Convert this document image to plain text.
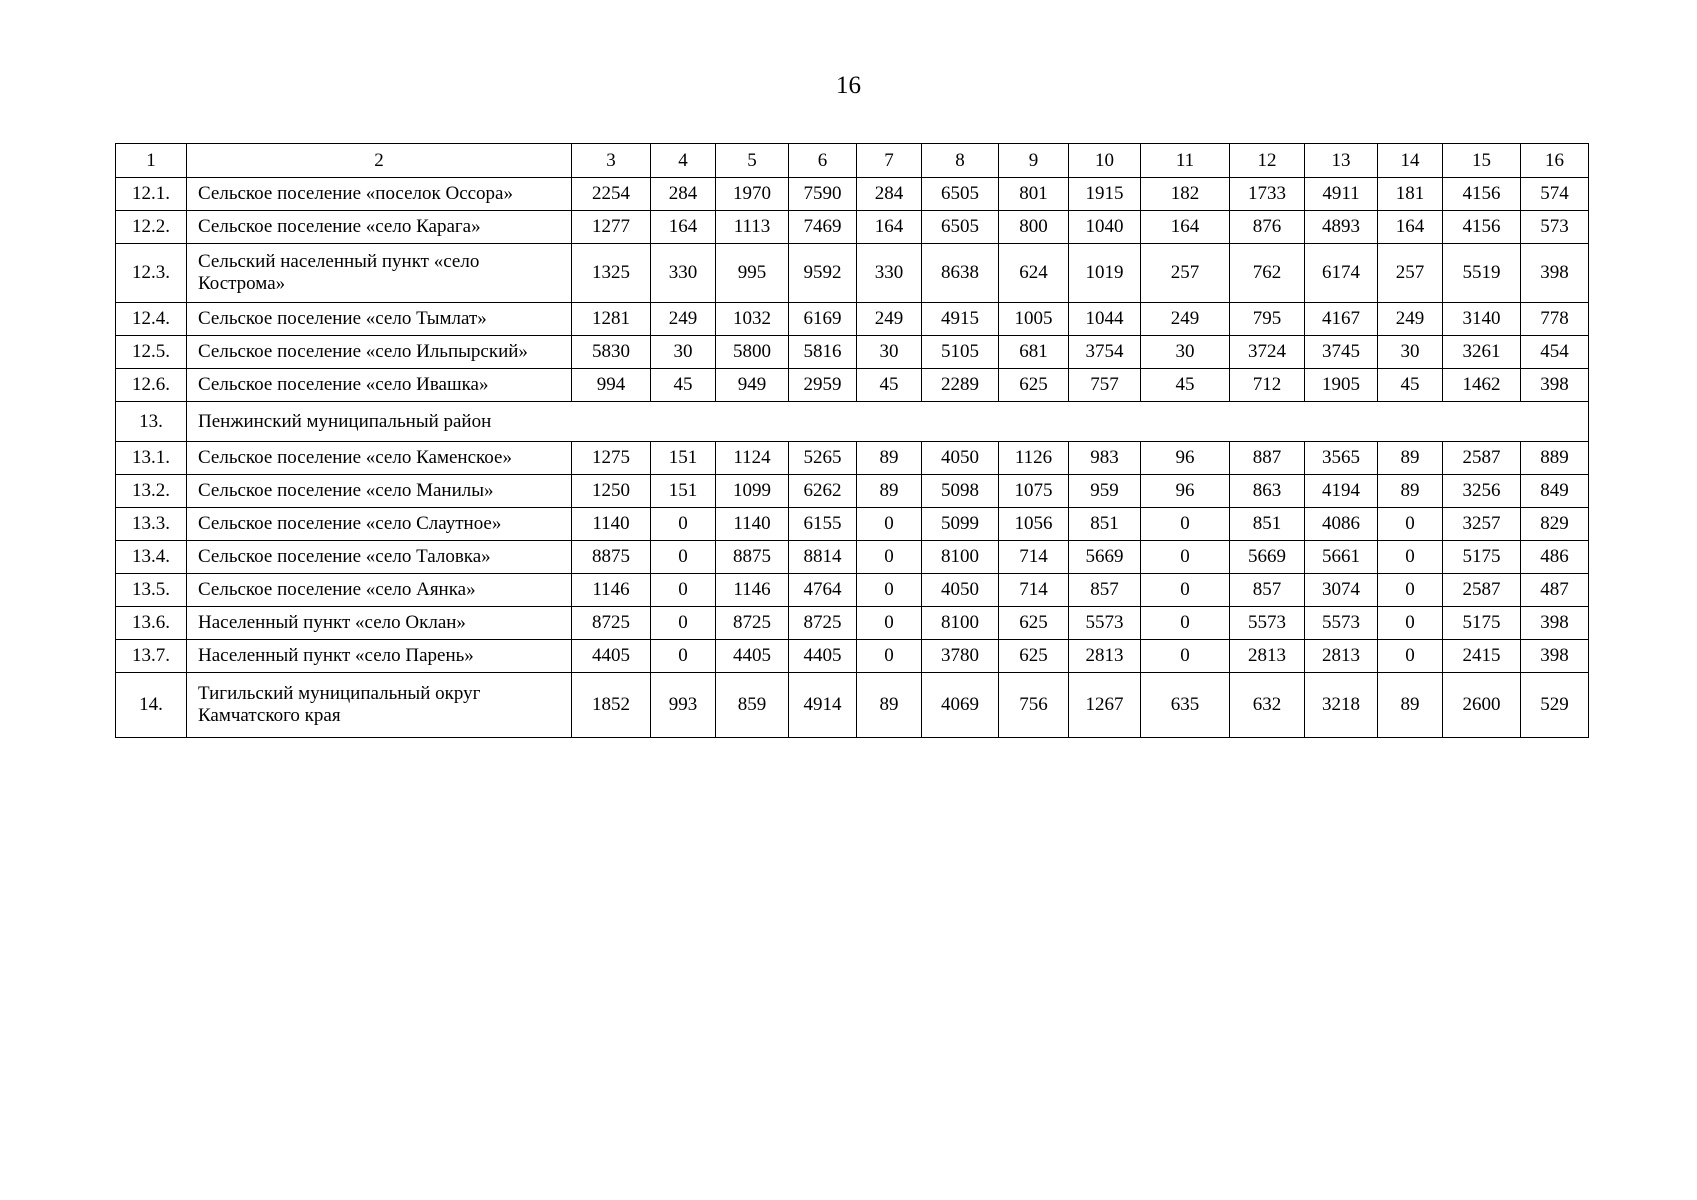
16
1	2	3	4	5	6	7	8	9	10	11	12	13	14	15	16
12.1.	Сельское поселение «поселок Оссора»	2254	284	1970	7590	284	6505	801	1915	182	1733	4911	181	4156	574
12.2.	Сельское поселение «село Карага»	1277	164	1113	7469	164	6505	800	1040	164	876	4893	164	4156	573
12.3.	Сельский населенный пункт «село Кострома»	1325	330	995	9592	330	8638	624	1019	257	762	6174	257	5519	398
12.4.	Сельское поселение «село Тымлат»	1281	249	1032	6169	249	4915	1005	1044	249	795	4167	249	3140	778
12.5.	Сельское поселение «село Ильпырский»	5830	30	5800	5816	30	5105	681	3754	30	3724	3745	30	3261	454
12.6.	Сельское поселение «село Ивашка»	994	45	949	2959	45	2289	625	757	45	712	1905	45	1462	398
13.	Пенжинский муниципальный район														
13.1.	Сельское поселение «село Каменское»	1275	151	1124	5265	89	4050	1126	983	96	887	3565	89	2587	889
13.2.	Сельское поселение «село Манилы»	1250	151	1099	6262	89	5098	1075	959	96	863	4194	89	3256	849
13.3.	Сельское поселение «село Слаутное»	1140	0	1140	6155	0	5099	1056	851	0	851	4086	0	3257	829
13.4.	Сельское поселение «село Таловка»	8875	0	8875	8814	0	8100	714	5669	0	5669	5661	0	5175	486
13.5.	Сельское поселение «село Аянка»	1146	0	1146	4764	0	4050	714	857	0	857	3074	0	2587	487
13.6.	Населенный пункт «село Оклан»	8725	0	8725	8725	0	8100	625	5573	0	5573	5573	0	5175	398
13.7.	Населенный пункт «село Парень»	4405	0	4405	4405	0	3780	625	2813	0	2813	2813	0	2415	398
14.	Тигильский муниципальный округ Камчатского края	1852	993	859	4914	89	4069	756	1267	635	632	3218	89	2600	529
